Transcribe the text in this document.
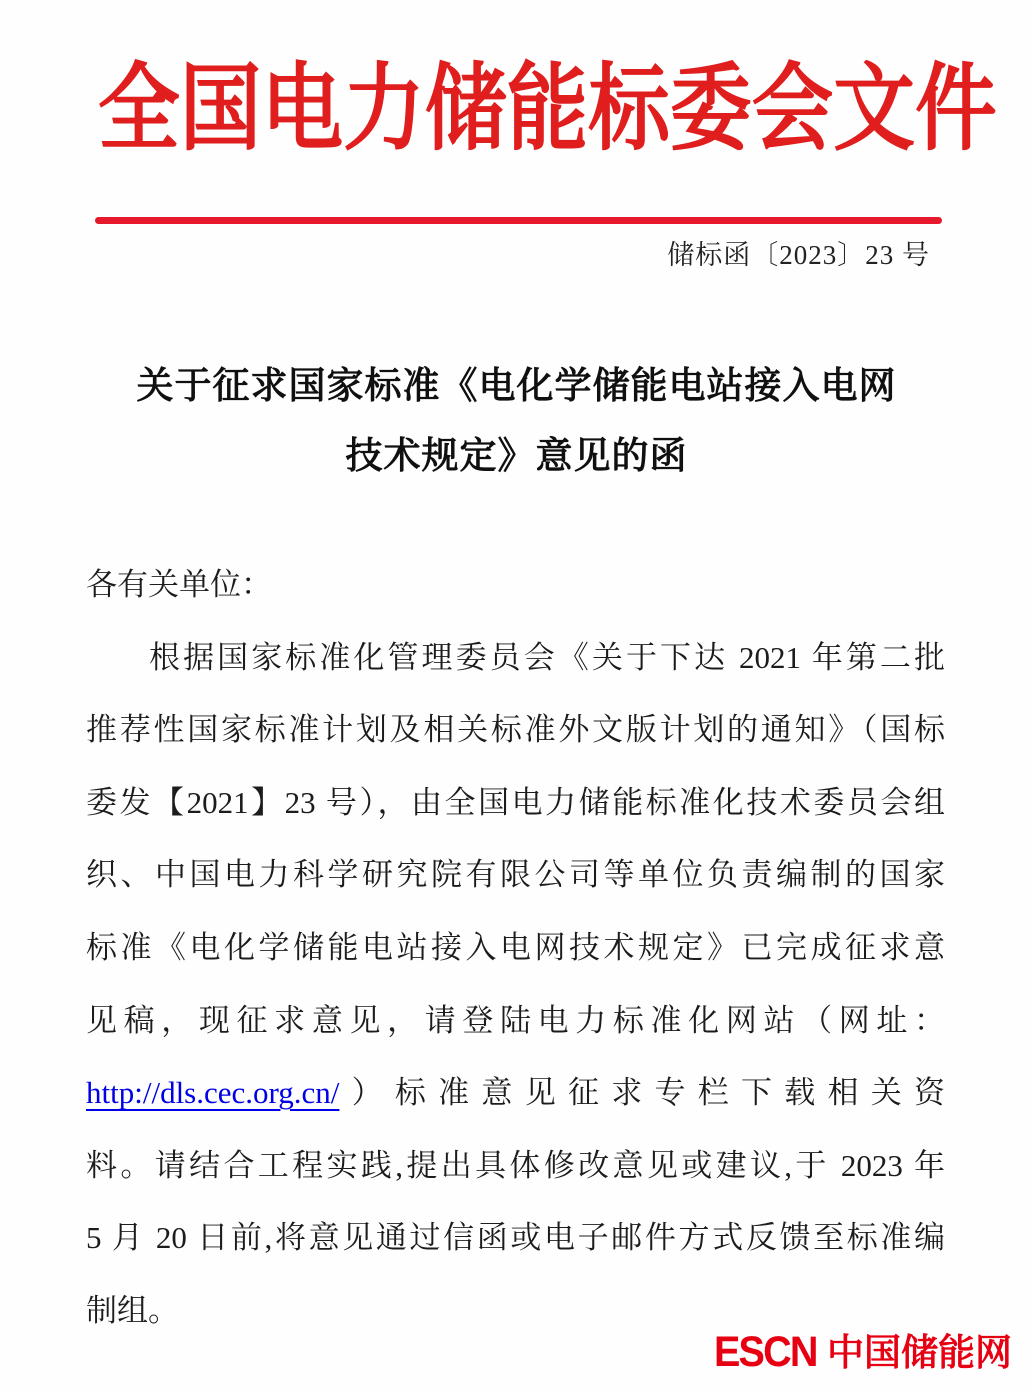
全国电力储能标委会文件
储标函〔2023〕23 号
关于征求国家标准《电化学储能电站接入电网
技术规定》意见的函
各有关单位：
根据国家标准化管理委员会《关于下达 2021 年第二批
推荐性国家标准计划及相关标准外文版计划的通知》（国标
委发【2021】23 号），由全国电力储能标准化技术委员会组
织、中国电力科学研究院有限公司等单位负责编制的国家
标准《电化学储能电站接入电网技术规定》已完成征求意
见稿，现征求意见，请登陆电力标准化网站（网址：
http://dls.cec.org.cn/）标准意见征求专栏下载相关资
料。请结合工程实践,提出具体修改意见或建议,于 2023 年
5 月 20 日前,将意见通过信函或电子邮件方式反馈至标准编
制组。
ESCN 中国储能网
